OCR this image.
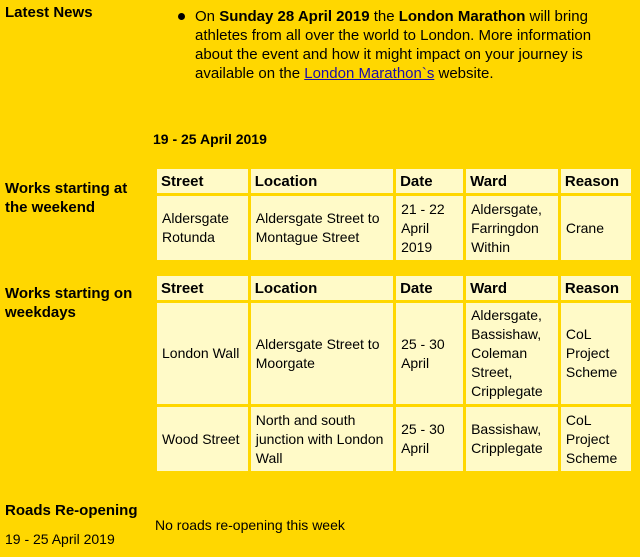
Latest News	On Sunday 28 April 2019 the London Marathon will bring athletes from all over the world to London. More information about the event and how it might impact on your journey is available on the London Marathon`s website.
19 - 25 April 2019
Works starting at the weekend
Street	Location	Date	Ward	Reason
Aldersgate Rotunda	Aldersgate Street to Montague Street	21 - 22 April 2019	Aldersgate, Farringdon Within	Crane
Works starting on weekdays
Street	Location	Date	Ward	Reason
London Wall	Aldersgate Street to Moorgate	25 - 30 April	Aldersgate, Bassishaw, Coleman Street, Cripplegate	CoL Project Scheme
Wood Street	North and south junction with London Wall	25 - 30 April	Bassishaw, Cripplegate	CoL Project Scheme
Roads Re-opening
19 - 25 April 2019
No roads re-opening this week
